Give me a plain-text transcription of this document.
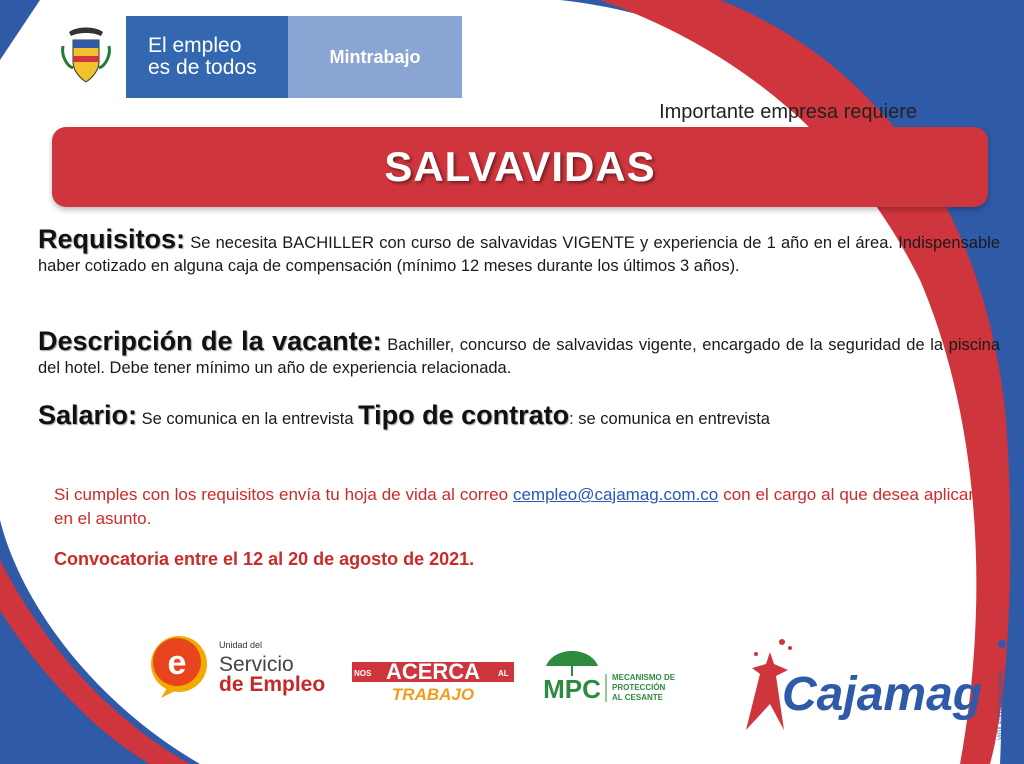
El empleo
es de todos	Mintrabajo
Importante empresa requiere
SALVAVIDAS
Requisitos: Se necesita BACHILLER con curso de salvavidas VIGENTE y experiencia de 1 año en el área. Indispensable haber cotizado en alguna caja de compensación (mínimo 12 meses durante los últimos 3 años).
Descripción de la vacante: Bachiller, concurso de salvavidas vigente, encargado de la seguridad de la piscina del hotel. Debe tener mínimo un año de experiencia relacionada.
Salario: Se comunica en la entrevista Tipo de contrato: se comunica en entrevista
Si cumples con los requisitos envía tu hoja de vida al correo cempleo@cajamag.com.co con el cargo al que desea aplicar en el asunto.
Convocatoria entre el 12 al 20 de agosto de 2021.
e	Unidad del
Servicio
de Empleo	NOS ACERCA AL
TRABAJO	MPC MECANISMO DE
PROTECCIÓN
AL CESANTE Cajamag	VIGILADO SuperSubsidio
